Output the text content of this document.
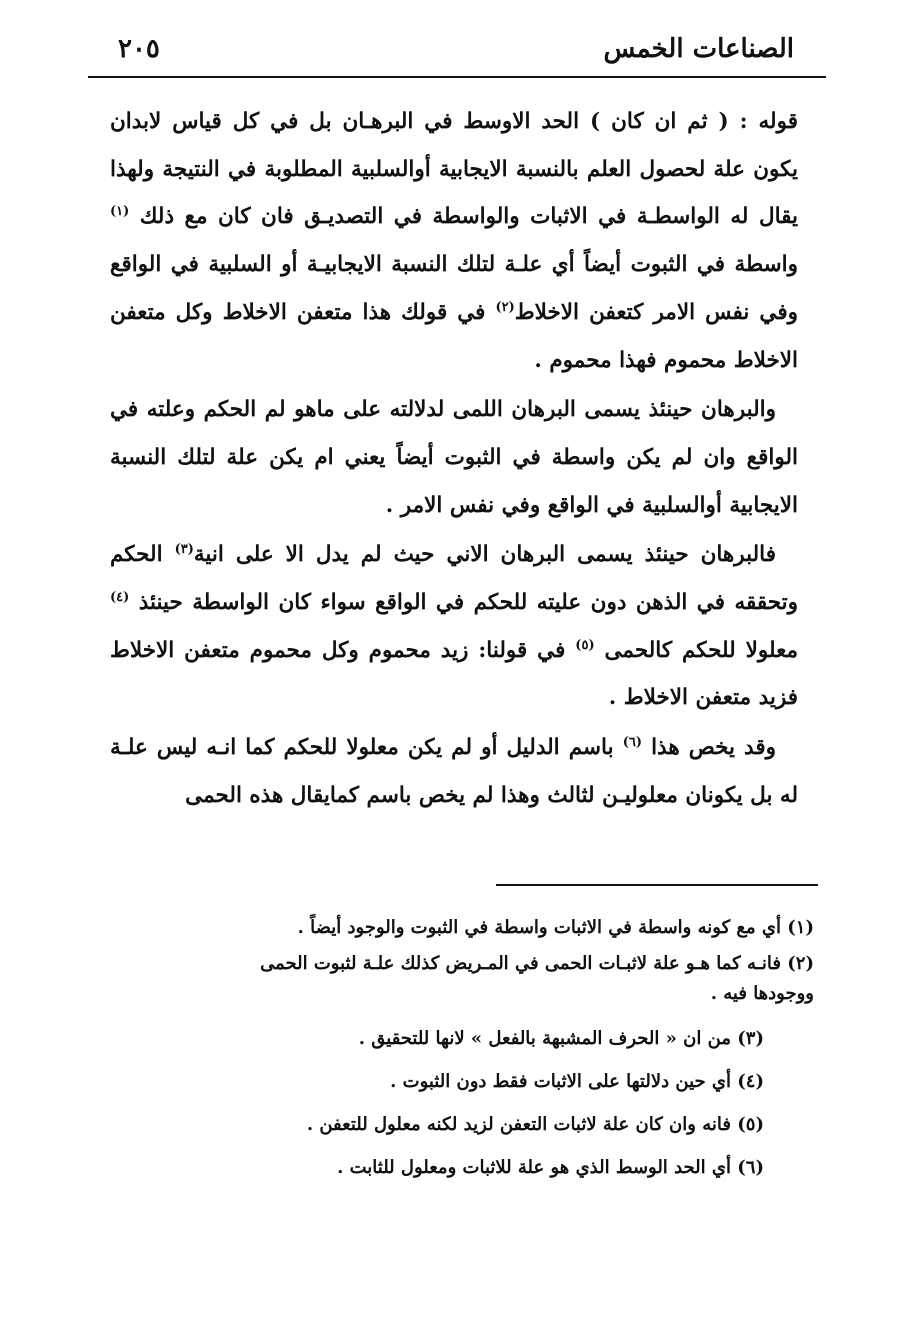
الصناعات الخمس
٢٠٥

قوله : ( ثم ان كان ) الحد الاوسط في البرهـان بل في كل قياس لابدان يكون علة لحصول العلم بالنسبة الايجابية أوالسلبية المطلوبة في النتيجة ولهذا يقال له الواسطـة في الاثبات والواسطة في التصديـق فان كان مع ذلك $^{(١)}$ واسطة في الثبوت أيضاً أي علـة لتلك النسبة الايجابيـة أو السلبية في الواقع وفي نفس الامر كتعفن الاخلاط$^{(٢)}$ في قولك هذا متعفن الاخلاط وكل متعفن الاخلاط محموم فهذا محموم .

والبرهان حينئذ يسمى البرهان اللمى لدلالته على ماهو لم الحكم وعلته في الواقع وان لم يكن واسطة في الثبوت أيضاً يعني ام يكن علة لتلك النسبة الايجابية أوالسلبية في الواقع وفي نفس الامر .

فالبرهان حينئذ يسمى البرهان الاني حيث لم يدل الا على انية$^{(٣)}$ الحكم وتحققه في الذهن دون عليته للحكم في الواقع سواء كان الواسطة حينئذ $^{(٤)}$ معلولا للحكم كالحمى $^{(٥)}$ في قولنا: زيد محموم وكل محموم متعفن الاخلاط فزيد متعفن الاخلاط .

وقد يخص هذا $^{(٦)}$ باسم الدليل أو لم يكن معلولا للحكم كما انـه ليس علـة له بل يكونان معلوليـن لثالث وهذا لم يخص باسم كمايقال هذه الحمى

(١) أي مع كونه واسطة في الاثبات واسطة في الثبوت والوجود أيضاً .

(٢) فانـه كما هـو علة لاثبـات الحمى في المـريض كذلك علـة لثبوت الحمى
ووجودها فيه .

(٣) من ان « الحرف المشبهة بالفعل » لانها للتحقيق .

(٤) أي حين دلالتها على الاثبات فقط دون الثبوت .

(٥) فانه وان كان علة لاثبات التعفن لزيد لكنه معلول للتعفن .

(٦) أي الحد الوسط الذي هو علة للاثبات ومعلول للثابت .
